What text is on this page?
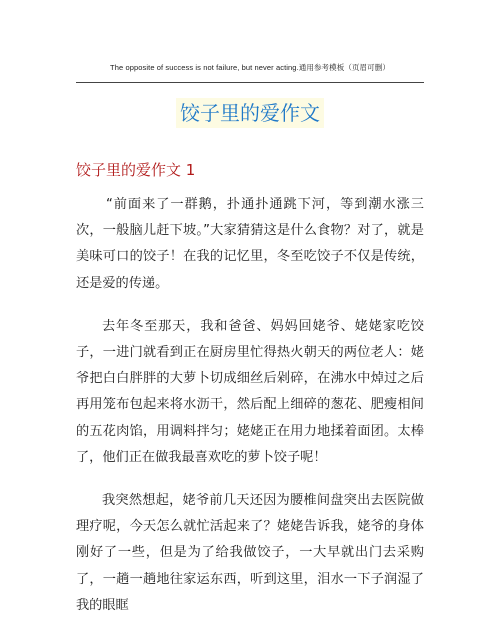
The opposite of success is not failure, but never acting.通用参考模板（页眉可删）
饺子里的爱作文
饺子里的爱作文 1

“前面来了一群鹅，扑通扑通跳下河，等到潮水涨三次，一般脑儿赶下坡。”大家猜猜这是什么食物？对了，就是美味可口的饺子！在我的记忆里，冬至吃饺子不仅是传统，还是爱的传递。

去年冬至那天，我和爸爸、妈妈回姥爷、姥姥家吃饺子，一进门就看到正在厨房里忙得热火朝天的两位老人：姥爷把白白胖胖的大萝卜切成细丝后剁碎，在沸水中焯过之后再用笼布包起来将水沥干，然后配上细碎的葱花、肥瘦相间的五花肉馅，用调料拌匀；姥姥正在用力地揉着面团。太棒了，他们正在做我最喜欢吃的萝卜饺子呢！

我突然想起，姥爷前几天还因为腰椎间盘突出去医院做理疗呢，今天怎么就忙活起来了？姥姥告诉我，姥爷的身体刚好了一些，但是为了给我做饺子，一大早就出门去采购了，一趟一趟地往家运东西，听到这里，泪水一下子润湿了我的眼眶
